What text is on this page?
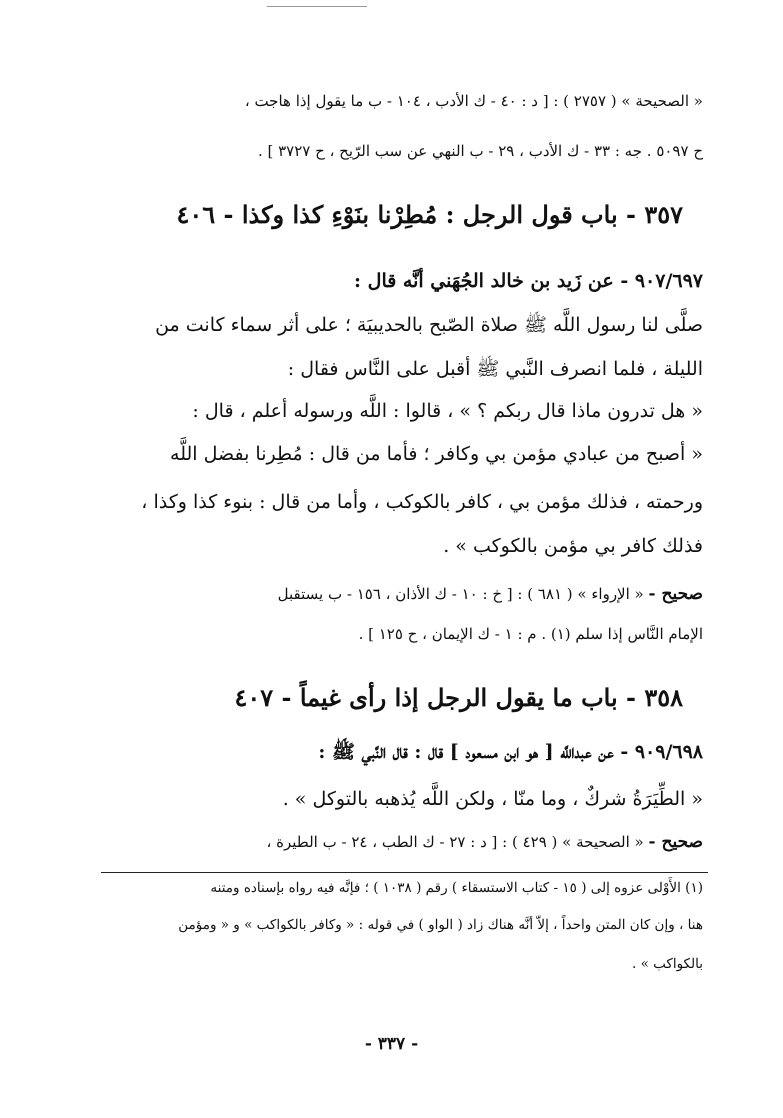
« الصحيحة » ( ٢٧٥٧ ) : [ د : ٤٠ - ك الأدب ، ١٠٤ - ب ما يقول إذا هاجت ،
ح ٥٠٩٧ . جه : ٣٣ - ك الأدب ، ٢٩ - ب النهي عن سب الرّيح ، ح ٣٧٢٧ ] .
٣٥٧ - باب قول الرجل : مُطِرْنا بنَوْءِ كذا وكذا - ٤٠٦
٩٠٧/٦٩٧ - عن زَيد بن خالد الجُهَني أنَّه قال :
صلَّى لنا رسول اللَّه ﷺ صلاة الصّبح بالحديبيَة ؛ على أثر سماء كانت من
الليلة ، فلما انصرف النَّبي ﷺ أقبل على النَّاس فقال :
« هل تدرون ماذا قال ربكم ؟ » ، قالوا : اللَّه ورسوله أعلم ، قال :
« أصبح من عبادي مؤمن بي وكافر ؛ فأما من قال : مُطِرنا بفضل اللَّه
ورحمته ، فذلك مؤمن بي ، كافر بالكوكب ، وأما من قال : بنوء كذا وكذا ،
فذلك كافر بي مؤمن بالكوكب » .
صحيح - « الإرواء » ( ٦٨١ ) : [ خ : ١٠ - ك الأذان ، ١٥٦ - ب يستقبل
الإمام النَّاس إذا سلم (١) . م : ١ - ك الإيمان ، ح ١٢٥ ] .
٣٥٨ - باب ما يقول الرجل إذا رأى غيماً - ٤٠٧
٩٠٩/٦٩٨ - عن عبداللَّه [ هو ابن مسعود ] قال : قال النَّبي ﷺ :
« الطِّيَرَةُ شركٌ ، وما منّا ، ولكن اللَّه يُذهبه بالتوكل » .
صحيح - « الصحيحة » ( ٤٢٩ ) : [ د : ٢٧ - ك الطب ، ٢٤ - ب الطيرة ،
(١) الأَوْلى عزوه إلى ( ١٥ - كتاب الاستسقاء ) رقم ( ١٠٣٨ ) ؛ فإنَّه فيه رواه بإسناده ومتنه
هنا ، وإن كان المتن واحداً ، إلاّ أنَّه هناك زاد ( الواو ) في قوله : « وكافر بالكواكب » و « ومؤمن
بالكواكب » .
- ٣٣٧ -
